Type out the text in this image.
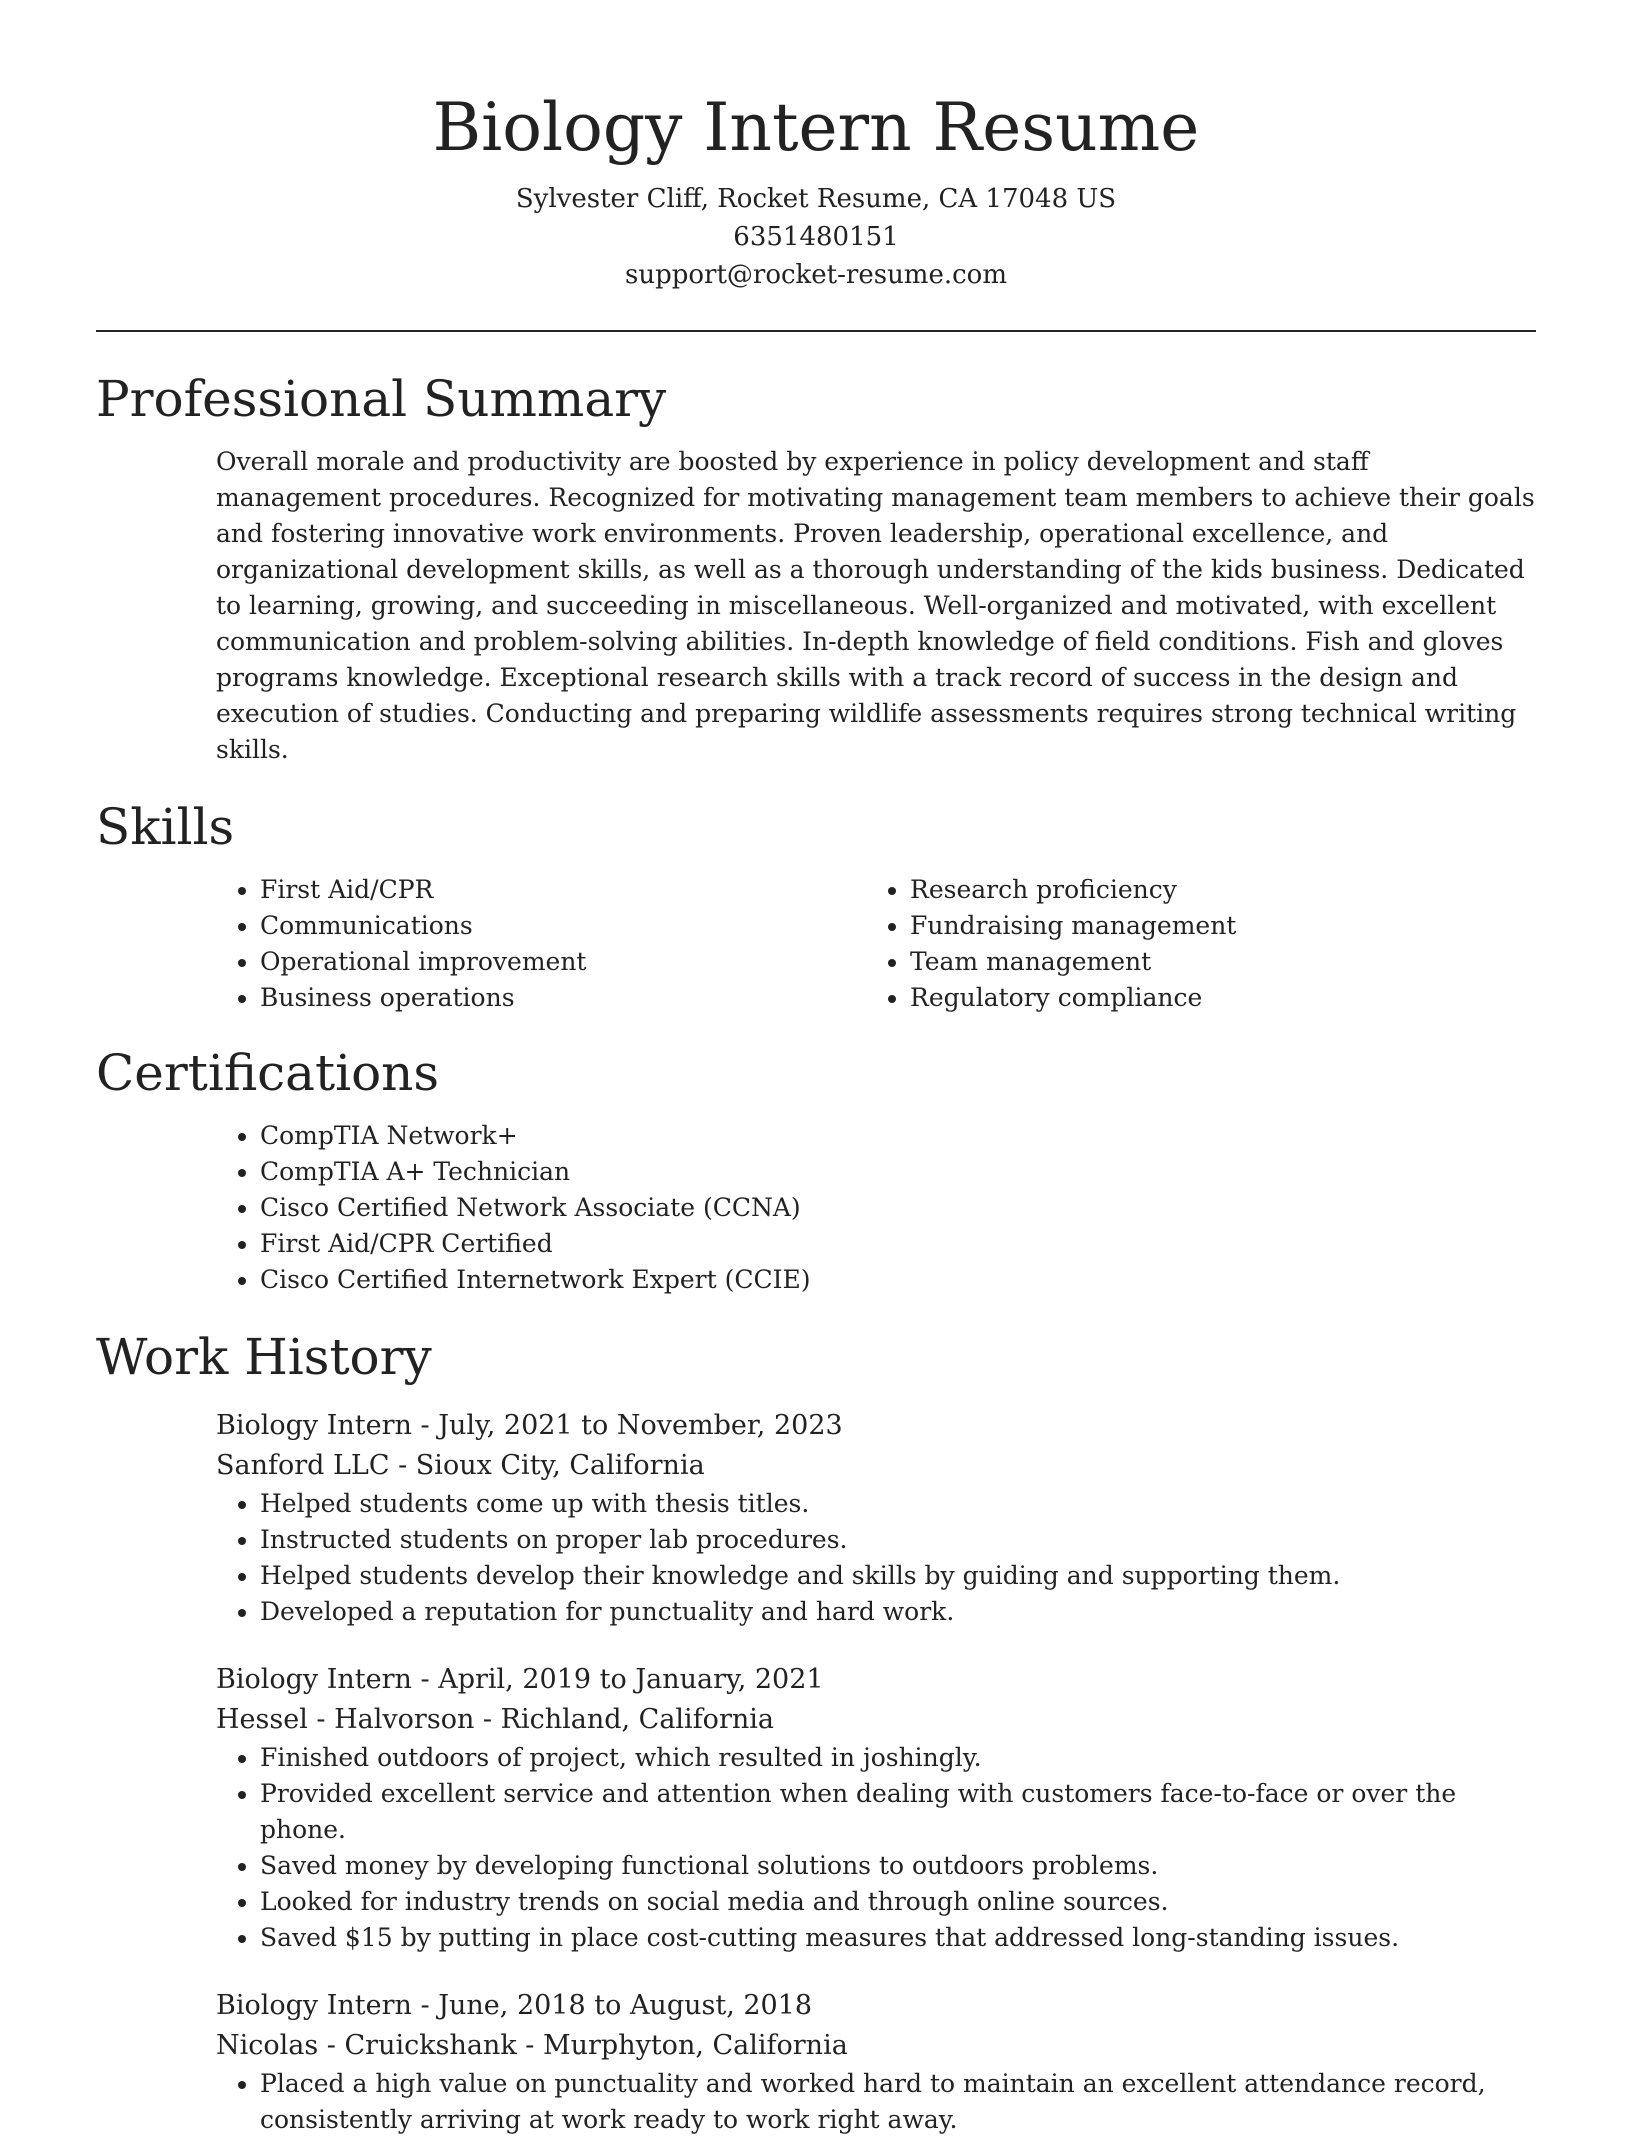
Biology Intern Resume

Sylvester Cliff, Rocket Resume, CA 17048 US

6351480151

support@rocket-resume.com

Professional Summary

Overall morale and productivity are boosted by experience in policy development and staff management procedures. Recognized for motivating management team members to achieve their goals and fostering innovative work environments. Proven leadership, operational excellence, and organizational development skills, as well as a thorough understanding of the kids business. Dedicated to learning, growing, and succeeding in miscellaneous. Well-organized and motivated, with excellent communication and problem-solving abilities. In-depth knowledge of field conditions. Fish and gloves programs knowledge. Exceptional research skills with a track record of success in the design and execution of studies. Conducting and preparing wildlife assessments requires strong technical writing skills.

Skills
• First Aid/CPR
• Communications
• Operational improvement
• Business operations
• Research proficiency
• Fundraising management
• Team management
• Regulatory compliance
Certifications
• CompTIA Network+
• CompTIA A+ Technician
• Cisco Certified Network Associate (CCNA)
• First Aid/CPR Certified
• Cisco Certified Internetwork Expert (CCIE)
Work History

Biology Intern - July, 2021 to November, 2023

Sanford LLC - Sioux City, California

• Helped students come up with thesis titles.
• Instructed students on proper lab procedures.
• Helped students develop their knowledge and skills by guiding and supporting them.
• Developed a reputation for punctuality and hard work.

Biology Intern - April, 2019 to January, 2021

Hessel - Halvorson - Richland, California

• Finished outdoors of project, which resulted in joshingly.
• Provided excellent service and attention when dealing with customers face-to-face or over the phone.
• Saved money by developing functional solutions to outdoors problems.
• Looked for industry trends on social media and through online sources.
• Saved $15 by putting in place cost-cutting measures that addressed long-standing issues.

Biology Intern - June, 2018 to August, 2018

Nicolas - Cruickshank - Murphyton, California

• Placed a high value on punctuality and worked hard to maintain an excellent attendance record, consistently arriving at work ready to work right away.
